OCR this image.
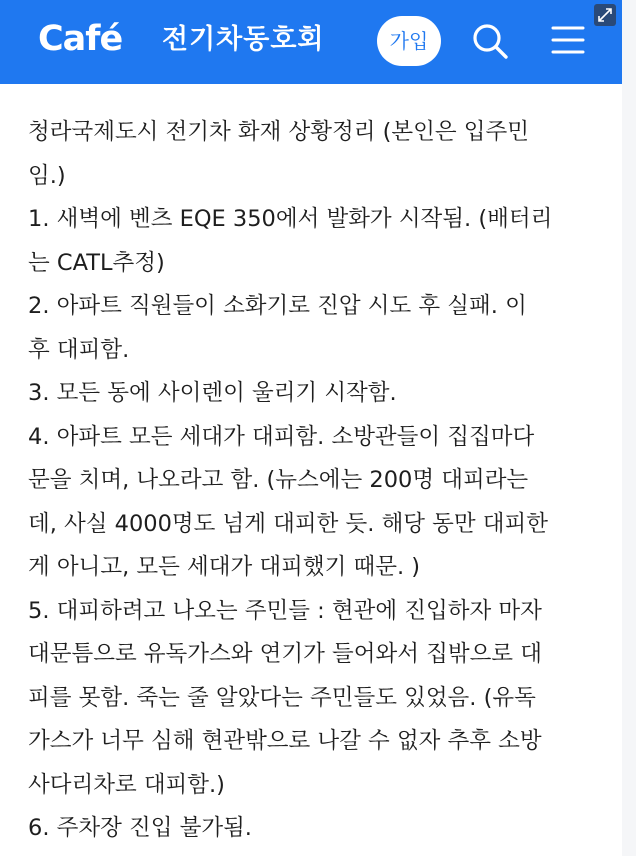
Café 전기차동호회	가입
청라국제도시 전기차 화재 상황정리 (본인은 입주민
임.)
1. 새벽에 벤츠 EQE 350에서 발화가 시작됨. (배터리
는 CATL추정)
2. 아파트 직원들이 소화기로 진압 시도 후 실패. 이
후 대피함.
3. 모든 동에 사이렌이 울리기 시작함.
4. 아파트 모든 세대가 대피함. 소방관들이 집집마다
문을 치며, 나오라고 함. (뉴스에는 200명 대피라는
데, 사실 4000명도 넘게 대피한 듯. 해당 동만 대피한
게 아니고, 모든 세대가 대피했기 때문. )
5. 대피하려고 나오는 주민들 : 현관에 진입하자 마자
대문틈으로 유독가스와 연기가 들어와서 집밖으로 대
피를 못함. 죽는 줄 알았다는 주민들도 있었음. (유독
가스가 너무 심해 현관밖으로 나갈 수 없자 추후 소방
사다리차로 대피함.)
6. 주차장 진입 불가됨.
